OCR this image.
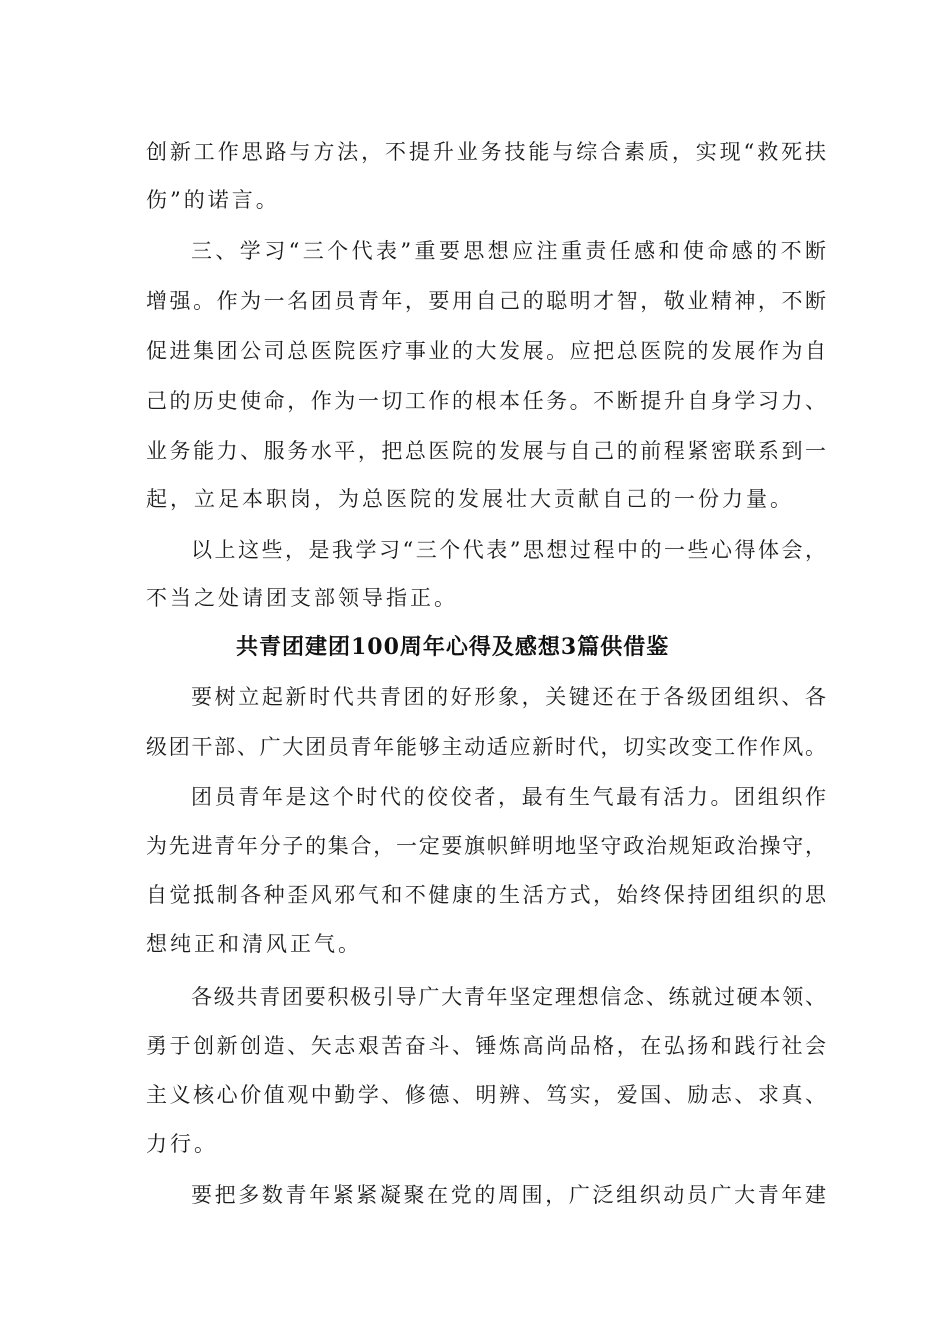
创新工作思路与方法，不提升业务技能与综合素质，实现“救死扶
伤”的诺言。
三、学习“三个代表”重要思想应注重责任感和使命感的不断
增强。作为一名团员青年，要用自己的聪明才智，敬业精神，不断
促进集团公司总医院医疗事业的大发展。应把总医院的发展作为自
己的历史使命，作为一切工作的根本任务。不断提升自身学习力、
业务能力、服务水平，把总医院的发展与自己的前程紧密联系到一
起，立足本职岗，为总医院的发展壮大贡献自己的一份力量。
以上这些，是我学习“三个代表”思想过程中的一些心得体会，
不当之处请团支部领导指正。
共青团建团100周年心得及感想3篇供借鉴
要树立起新时代共青团的好形象，关键还在于各级团组织、各
级团干部、广大团员青年能够主动适应新时代，切实改变工作作风。
团员青年是这个时代的佼佼者，最有生气最有活力。团组织作
为先进青年分子的集合，一定要旗帜鲜明地坚守政治规矩政治操守，
自觉抵制各种歪风邪气和不健康的生活方式，始终保持团组织的思
想纯正和清风正气。
各级共青团要积极引导广大青年坚定理想信念、练就过硬本领、
勇于创新创造、矢志艰苦奋斗、锤炼高尚品格，在弘扬和践行社会
主义核心价值观中勤学、修德、明辨、笃实，爱国、励志、求真、
力行。
要把多数青年紧紧凝聚在党的周围，广泛组织动员广大青年建
